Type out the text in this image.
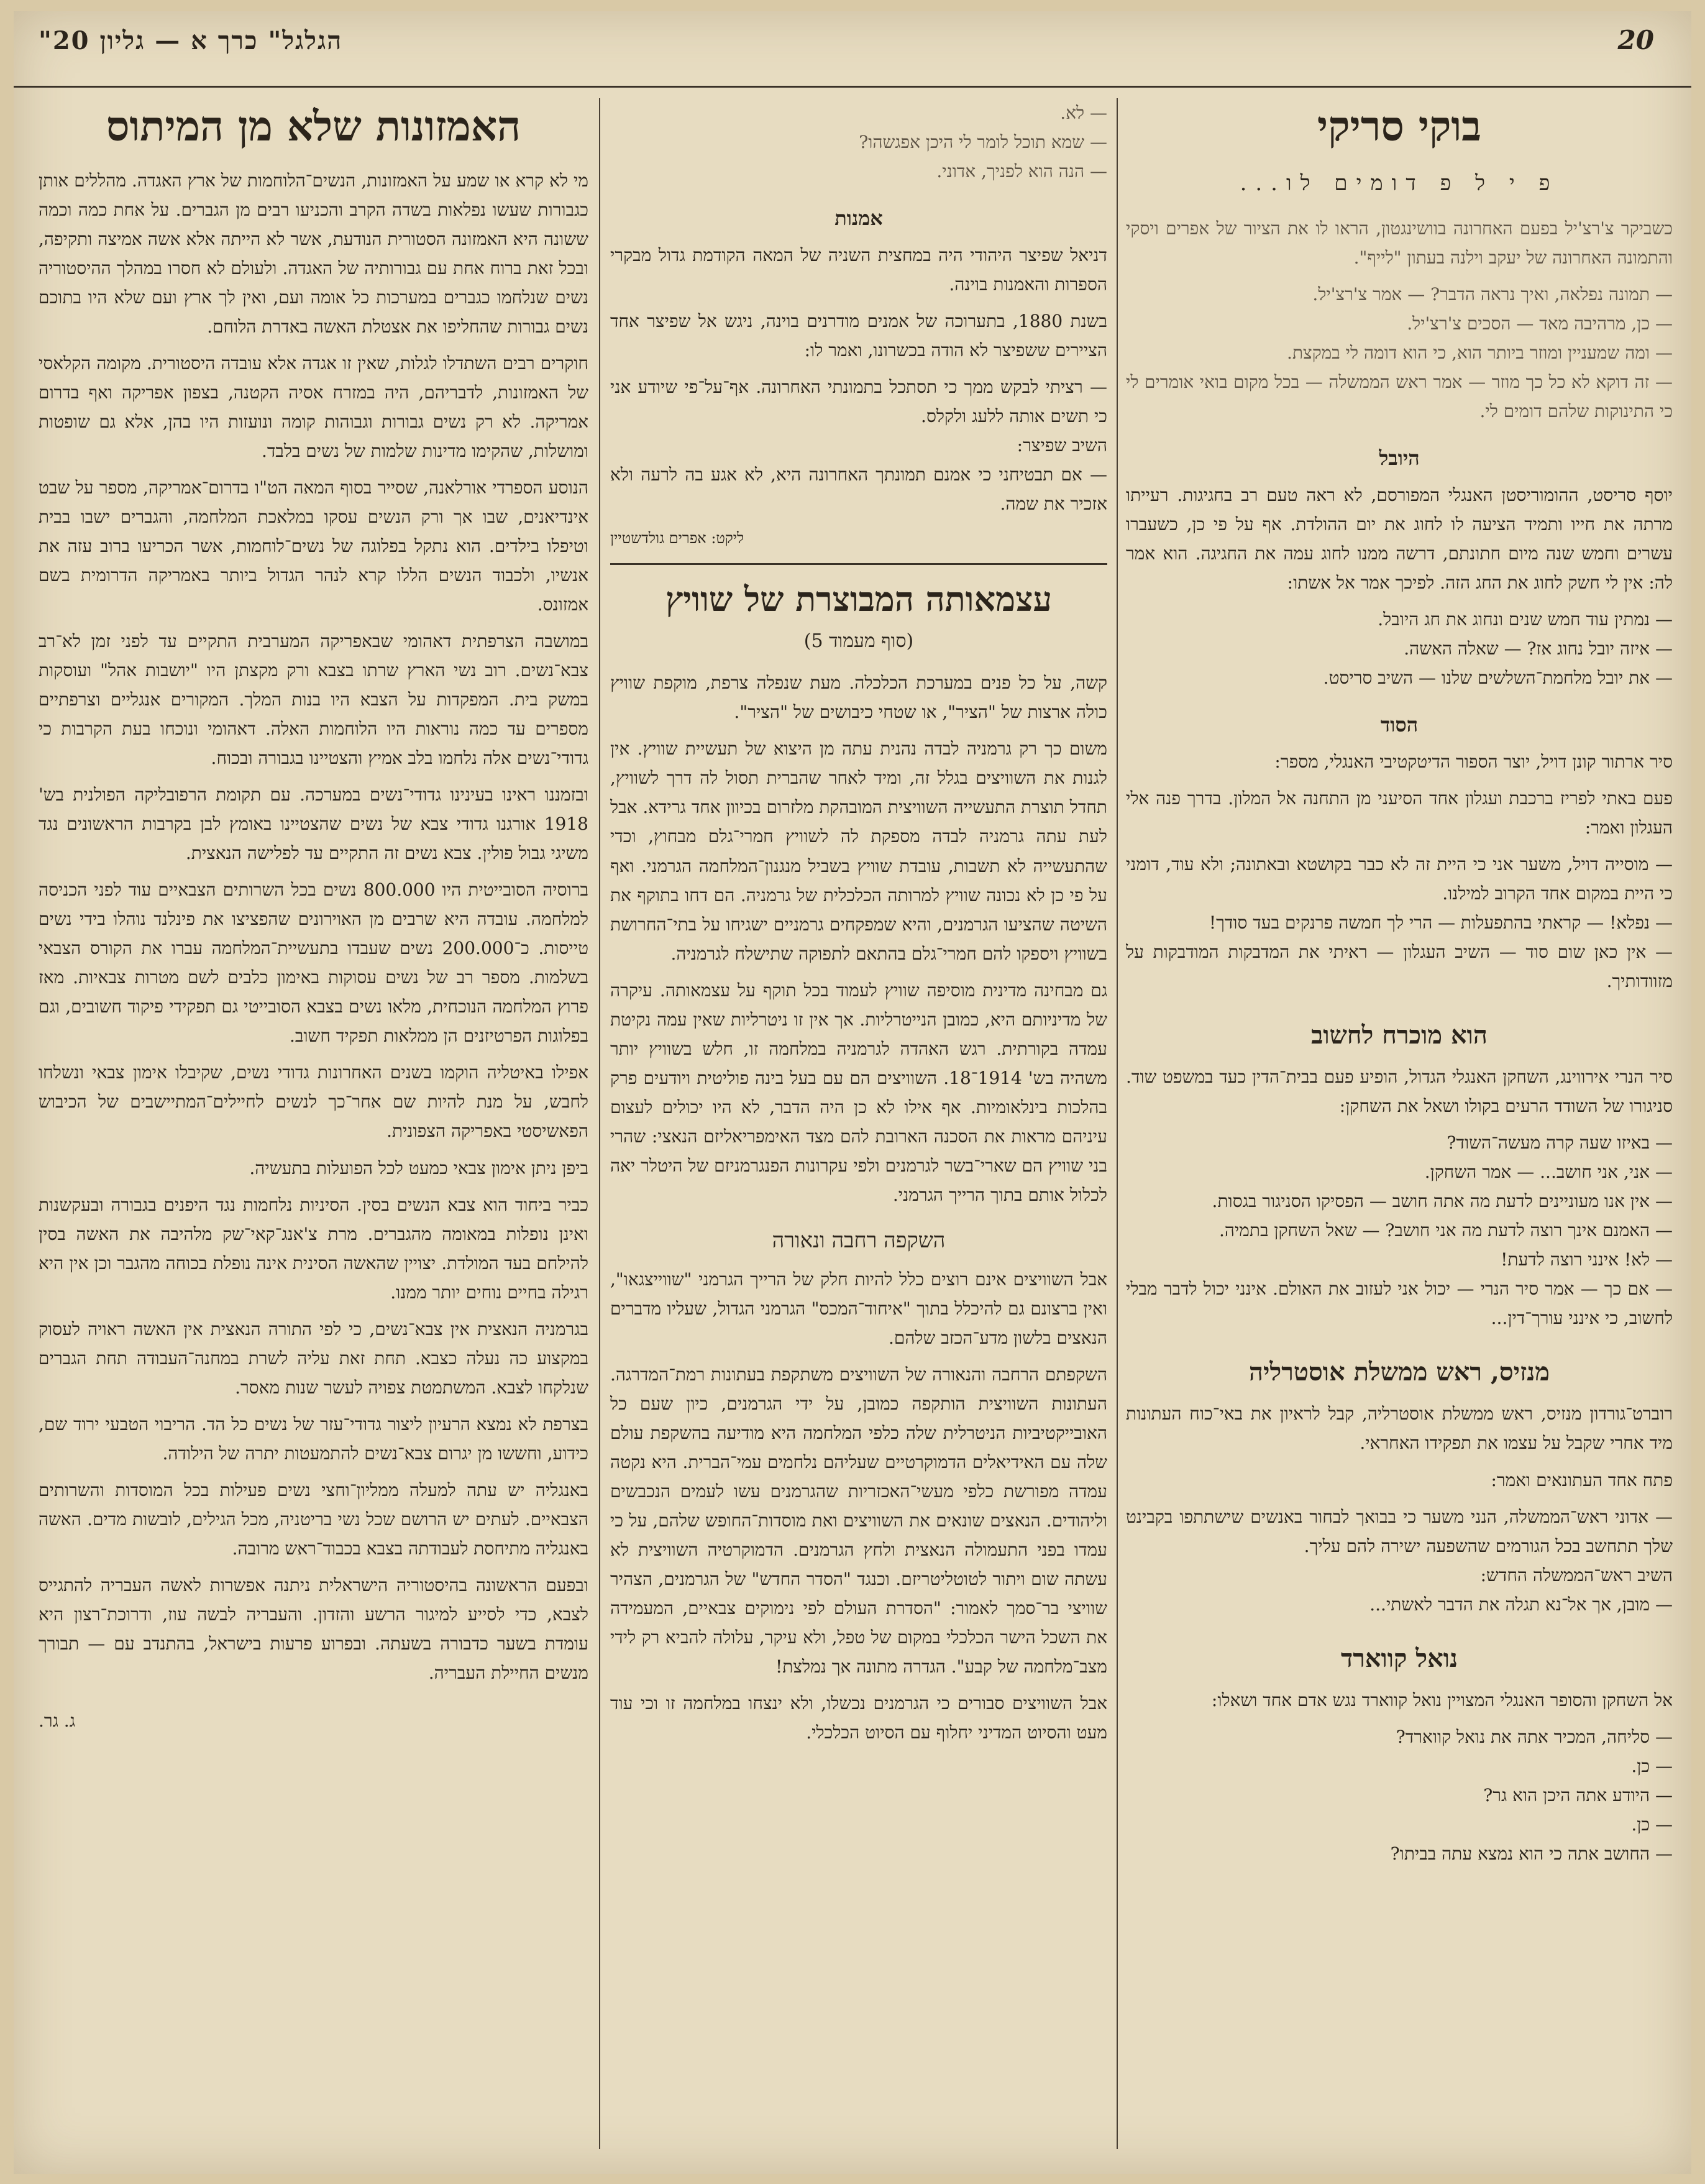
"הגלגל" כרך א — גליון 20	20
בוקי סריקי
פ י ל פ דומים לו...

כשביקר צ'רצ'יל בפעם האחרונה בוושינגטון, הראו לו את הציור של אפרים ויסקי והתמונה האחרונה של יעקב וילנה בעתון "לייף".

— תמונה נפלאה, ואיך נראה הדבר? — אמר צ'רצ'יל.

— כן, מרהיבה מאד — הסכים צ'רצ'יל.

— ומה שמעניין ומוזר ביותר הוא, כי הוא דומה לי במקצת.

— זה דוקא לא כל כך מוזר — אמר ראש הממשלה — בכל מקום בואי אומרים לי כי התינוקות שלהם דומים לי.

היובל

יוסף סריסט, ההומוריסטן האנגלי המפורסם, לא ראה טעם רב בחגיגות. רעייתו מרתה את חייו ותמיד הציעה לו לחוג את יום ההולדת. אף על פי כן, כשעברו עשרים וחמש שנה מיום חתונתם, דרשה ממנו לחוג עמה את החגיגה. הוא אמר לה: אין לי חשק לחוג את החג הזה. לפיכך אמר אל אשתו:

— נמתין עוד חמש שנים ונחוג את חג היובל.

— איזה יובל נחוג אז? — שאלה האשה.

— את יובל מלחמת־השלשים שלנו — השיב סריסט.

הסוד

סיר ארתור קונן דויל, יוצר הספור הדיטקטיבי האנגלי, מספר:

פעם באתי לפריז ברכבת ועגלון אחד הסיעני מן התחנה אל המלון. בדרך פנה אלי העגלון ואמר:

— מוסייה דויל, משער אני כי היית זה לא כבר בקושטא ובאתונה; ולא עוד, דומני כי היית במקום אחד הקרוב למילנו.

— נפלא! — קראתי בהתפעלות — הרי לך חמשה פרנקים בעד סודך!

— אין כאן שום סוד — השיב העגלון — ראיתי את המדבקות המודבקות על מזוודותיך.

הוא מוכרח לחשוב

סיר הנרי אירווינג, השחקן האנגלי הגדול, הופיע פעם בבית־הדין כעד במשפט שוד. סניגורו של השודד הרעים בקולו ושאל את השחקן:

— באיזו שעה קרה מעשה־השוד?

— אני, אני חושב... — אמר השחקן.

— אין אנו מעוניינים לדעת מה אתה חושב — הפסיקו הסניגור בגסות.

— האמנם אינך רוצה לדעת מה אני חושב? — שאל השחקן בתמיה.

— לא! אינני רוצה לדעת!

— אם כך — אמר סיר הנרי — יכול אני לעזוב את האולם. אינני יכול לדבר מבלי לחשוב, כי אינני עורך־דין...

מנזיס, ראש ממשלת אוסטרליה

רוברט־גורדון מנזיס, ראש ממשלת אוסטרליה, קבל לראיון את באי־כוח העתונות מיד אחרי שקבל על עצמו את תפקידו האחראי.

פתח אחד העתונאים ואמר:

— אדוני ראש־הממשלה, הנני משער כי בבואך לבחור באנשים שישתתפו בקבינט שלך תתחשב בכל הגורמים שהשפעה ישירה להם עליך.

השיב ראש־הממשלה החדש:

— מובן, אך אל־נא תגלה את הדבר לאשתי...

נואל קווארד

אל השחקן והסופר האנגלי המצויין נואל קווארד נגש אדם אחד ושאלו:

— סליחה, המכיר אתה את נואל קווארד?

— כן.

— היודע אתה היכן הוא גר?

— כן.

— החושב אתה כי הוא נמצא עתה בביתו?

— לא.

— שמא תוכל לומר לי היכן אפגשהו?

— הנה הוא לפניך, אדוני.

אמנות

דניאל שפיצר היהודי היה במחצית השניה של המאה הקודמת גדול מבקרי הספרות והאמנות בוינה.

בשנת 1880, בתערוכה של אמנים מודרנים בוינה, ניגש אל שפיצר אחד הציירים ששפיצר לא הודה בכשרונו, ואמר לו:

— רציתי לבקש ממך כי תסתכל בתמונתי האחרונה. אף־על־פי שיודע אני כי תשים אותה ללעג ולקלס.

השיב שפיצר:

— אם תבטיחני כי אמנם תמונתך האחרונה היא, לא אגע בה לרעה ולא אזכיר את שמה.

ליקט: אפרים גולדשטיין
עצמאותה המבוצרת של שוויץ
(סוף מעמוד 5)

קשה, על כל פנים במערכת הכלכלה. מעת שנפלה צרפת, מוקפת שוויץ כולה ארצות של "הציר", או שטחי כיבושים של "הציר".

משום כך רק גרמניה לבדה נהנית עתה מן היצוא של תעשיית שוויץ. אין לגנות את השוויצים בגלל זה, ומיד לאחר שהברית תסול לה דרך לשוויץ, תחדל תוצרת התעשייה השוויצית המובהקת מלזרום בכיוון אחד גרידא. אבל לעת עתה גרמניה לבדה מספקת לה לשוויץ חמרי־גלם מבחוץ, וכדי שהתעשייה לא תשבות, עובדת שוויץ בשביל מנגנון־המלחמה הגרמני. ואף על פי כן לא נכונה שוויץ למרותה הכלכלית של גרמניה. הם דחו בתוקף את השיטה שהציעו הגרמנים, והיא שמפקחים גרמניים ישגיחו על בתי־החרושת בשוויץ ויספקו להם חמרי־גלם בהתאם לתפוקה שתישלח לגרמניה.

גם מבחינה מדינית מוסיפה שוויץ לעמוד בכל תוקף על עצמאותה. עיקרה של מדיניותם היא, כמובן הנייטרליות. אך אין זו ניטרליות שאין עמה נקיטת עמדה בקורתית. רגש האהדה לגרמניה במלחמה זו, חלש בשוויץ יותר משהיה בש' 1914־18. השוויצים הם עם בעל בינה פוליטית ויודעים פרק בהלכות בינלאומיות. אף אילו לא כן היה הדבר, לא היו יכולים לעצום עיניהם מראות את הסכנה הארובת להם מצד האימפריאליזם הנאצי: שהרי בני שוויץ הם שארי־בשר לגרמנים ולפי עקרונות הפנגרמניזם של היטלר יאה לכלול אותם בתוך הרייך הגרמני.

השקפה רחבה ונאורה

אבל השוויצים אינם רוצים כלל להיות חלק של הרייך הגרמני "שווייצגאו", ואין ברצונם גם להיכלל בתוך "איחוד־המכס" הגרמני הגדול, שעליו מדברים הנאצים בלשון מדע־הכזב שלהם.

השקפתם הרחבה והנאורה של השוויצים משתקפת בעתונות רמת־המדרגה. העתונות השוויצית הותקפה כמובן, על ידי הגרמנים, כיון שעם כל האובייקטיביות הניטרלית שלה כלפי המלחמה היא מודיעה בהשקפת עולם שלה עם האידיאלים הדמוקרטיים שעליהם נלחמים עמי־הברית. היא נקטה עמדה מפורשת כלפי מעשי־האכזריות שהגרמנים עשו לעמים הנכבשים וליהודים. הנאצים שונאים את השוויצים ואת מוסדות־החופש שלהם, על כי עמדו בפני התעמולה הנאצית ולחץ הגרמנים. הדמוקרטיה השוויצית לא עשתה שום ויתור לטוטליטריזם. וכנגד "הסדר החדש" של הגרמנים, הצהיר שוויצי בר־סמך לאמור: "הסדרת העולם לפי נימוקים צבאיים, המעמידה את השכל הישר הכלכלי במקום של טפל, ולא עיקר, עלולה להביא רק לידי מצב־מלחמה של קבע". הגדרה מתונה אך נמלצת!

אבל השוויצים סבורים כי הגרמנים נכשלו, ולא ינצחו במלחמה זו וכי עוד מעט והסיוט המדיני יחלוף עם הסיוט הכלכלי.

האמזונות שלא מן המיתוס

מי לא קרא או שמע על האמזונות, הנשים־הלוחמות של ארץ האגדה. מהללים אותן כגבורות שעשו נפלאות בשדה הקרב והכניעו רבים מן הגברים. על אחת כמה וכמה ששונה היא האמזונה הסטורית הנודעת, אשר לא הייתה אלא אשה אמיצה ותקיפה, ובכל זאת ברוח אחת עם גבורותיה של האגדה. ולעולם לא חסרו במהלך ההיסטוריה נשים שנלחמו כגברים במערכות כל אומה ועם, ואין לך ארץ ועם שלא היו בתוכם נשים גבורות שהחליפו את אצטלת האשה באדרת הלוחם.

חוקרים רבים השתדלו לגלות, שאין זו אגדה אלא עובדה היסטורית. מקומה הקלאסי של האמזונות, לדבריהם, היה במזרח אסיה הקטנה, בצפון אפריקה ואף בדרום אמריקה. לא רק נשים גבורות וגבוהות קומה ונועזות היו בהן, אלא גם שופטות ומושלות, שהקימו מדינות שלמות של נשים בלבד.

הנוסע הספרדי אורלאנה, שסייר בסוף המאה הט"ו בדרום־אמריקה, מספר על שבט אינדיאנים, שבו אך ורק הנשים עסקו במלאכת המלחמה, והגברים ישבו בבית וטיפלו בילדים. הוא נתקל בפלוגה של נשים־לוחמות, אשר הכריעו ברוב עזה את אנשיו, ולכבוד הנשים הללו קרא לנהר הגדול ביותר באמריקה הדרומית בשם אמזונס.

במושבה הצרפתית דאהומי שבאפריקה המערבית התקיים עד לפני זמן לא־רב צבא־נשים. רוב נשי הארץ שרתו בצבא ורק מקצתן היו "יושבות אהל" ועוסקות במשק בית. המפקדות על הצבא היו בנות המלך. המקורים אנגליים וצרפתיים מספרים עד כמה נוראות היו הלוחמות האלה. דאהומי ונוכחו בעת הקרבות כי גדודי־נשים אלה נלחמו בלב אמיץ והצטיינו בגבורה ובכוח.

ובזמננו ראינו בעינינו גדודי־נשים במערכה. עם תקומת הרפובליקה הפולנית בש' 1918 אורגנו גדודי צבא של נשים שהצטיינו באומץ לבן בקרבות הראשונים נגד משיגי גבול פולין. צבא נשים זה התקיים עד לפלישה הנאצית.

ברוסיה הסובייטית היו 800.000 נשים בכל השרותים הצבאיים עוד לפני הכניסה למלחמה. עובדה היא שרבים מן האוירונים שהפציצו את פינלנד נוהלו בידי נשים טייסות. כ־200.000 נשים שעבדו בתעשיית־המלחמה עברו את הקורס הצבאי בשלמות. מספר רב של נשים עסוקות באימון כלבים לשם מטרות צבאיות. מאז פרוץ המלחמה הנוכחית, מלאו נשים בצבא הסובייטי גם תפקידי פיקוד חשובים, וגם בפלוגות הפרטיזנים הן ממלאות תפקיד חשוב.

אפילו באיטליה הוקמו בשנים האחרונות גדודי נשים, שקיבלו אימון צבאי ונשלחו לחבש, על מנת להיות שם אחר־כך לנשים לחיילים־המתיישבים של הכיבוש הפאשיסטי באפריקה הצפונית.

ביפן ניתן אימון צבאי כמעט לכל הפועלות בתעשיה.

כביר ביחוד הוא צבא הנשים בסין. הסיניות נלחמות נגד היפנים בגבורה ובעקשנות ואינן נופלות במאומה מהגברים. מרת צ'אנג־קאי־שק מלהיבה את האשה בסין להילחם בעד המולדת. יצויין שהאשה הסינית אינה נופלת בכוחה מהגבר וכן אין היא רגילה בחיים נוחים יותר ממנו.

בגרמניה הנאצית אין צבא־נשים, כי לפי התורה הנאצית אין האשה ראויה לעסוק במקצוע כה נעלה כצבא. תחת זאת עליה לשרת במחנה־העבודה תחת הגברים שנלקחו לצבא. המשתמטת צפויה לעשר שנות מאסר.

בצרפת לא נמצא הרעיון ליצור גדודי־עזר של נשים כל הד. הריבוי הטבעי ירוד שם, כידוע, וחששו מן יגרום צבא־נשים להתמעטות יתרה של הילודה.

באנגליה יש עתה למעלה ממליון־וחצי נשים פעילות בכל המוסדות והשרותים הצבאיים. לעתים יש הרושם שכל נשי בריטניה, מכל הגילים, לובשות מדים. האשה באנגליה מתיחסת לעבודתה בצבא בכבוד־ראש מרובה.

ובפעם הראשונה בהיסטוריה הישראלית ניתנה אפשרות לאשה העבריה להתגייס לצבא, כדי לסייע למיגור הרשע והזדון. והעבריה לבשה עוז, ודרוכת־רצון היא עומדת בשער כדבורה בשעתה. ובפרוע פרעות בישראל, בהתנדב עם — תבורך מנשים החיילת העבריה.

ג. גר.
